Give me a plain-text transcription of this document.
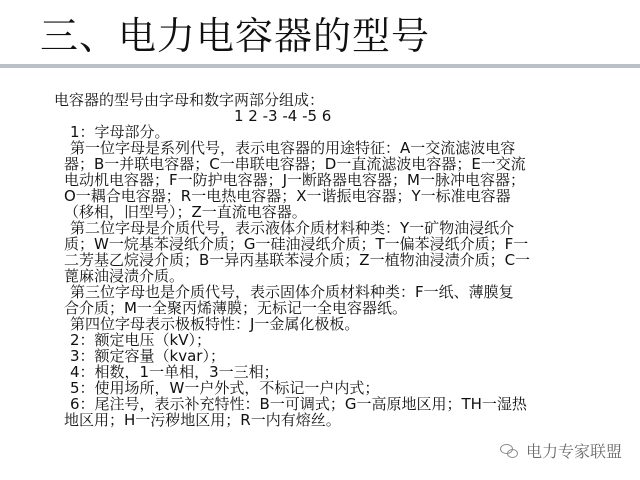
三、电力电容器的型号
电容器的型号由字母和数字两部分组成：
1 2 -3 -4 -5 6
1：字母部分。
第一位字母是系列代号，表示电容器的用途特征：A一交流滤波电容
器；B一并联电容器；C一串联电容器；D一直流滤波电容器；E一交流
电动机电容器；F一防护电容器；J一断路器电容器；M一脉冲电容器；
O一耦合电容器；R一电热电容器；X一谐振电容器；Y一标准电容器
（移相，旧型号）；Z一直流电容器。
第二位字母是介质代号，表示液体介质材料种类：Y一矿物油浸纸介
质；W一烷基苯浸纸介质；G一硅油浸纸介质；T一偏苯浸纸介质；F一
二芳基乙烷浸介质；B一异丙基联苯浸介质；Z一植物油浸渍介质；C一
蓖麻油浸渍介质。
第三位字母也是介质代号，表示固体介质材料种类：F一纸、薄膜复
合介质；M一全聚丙烯薄膜；无标记一全电容器纸。
第四位字母表示极板特性：J一金属化极板。
2：额定电压（kV）；
3：额定容量（kvar）；
4：相数，1一单相，3一三相；
5：使用场所，W一户外式，不标记一户内式；
6：尾注号，表示补充特性：B一可调式；G一高原地区用；TH一湿热
地区用；H一污秽地区用；R一内有熔丝。
电力专家联盟
